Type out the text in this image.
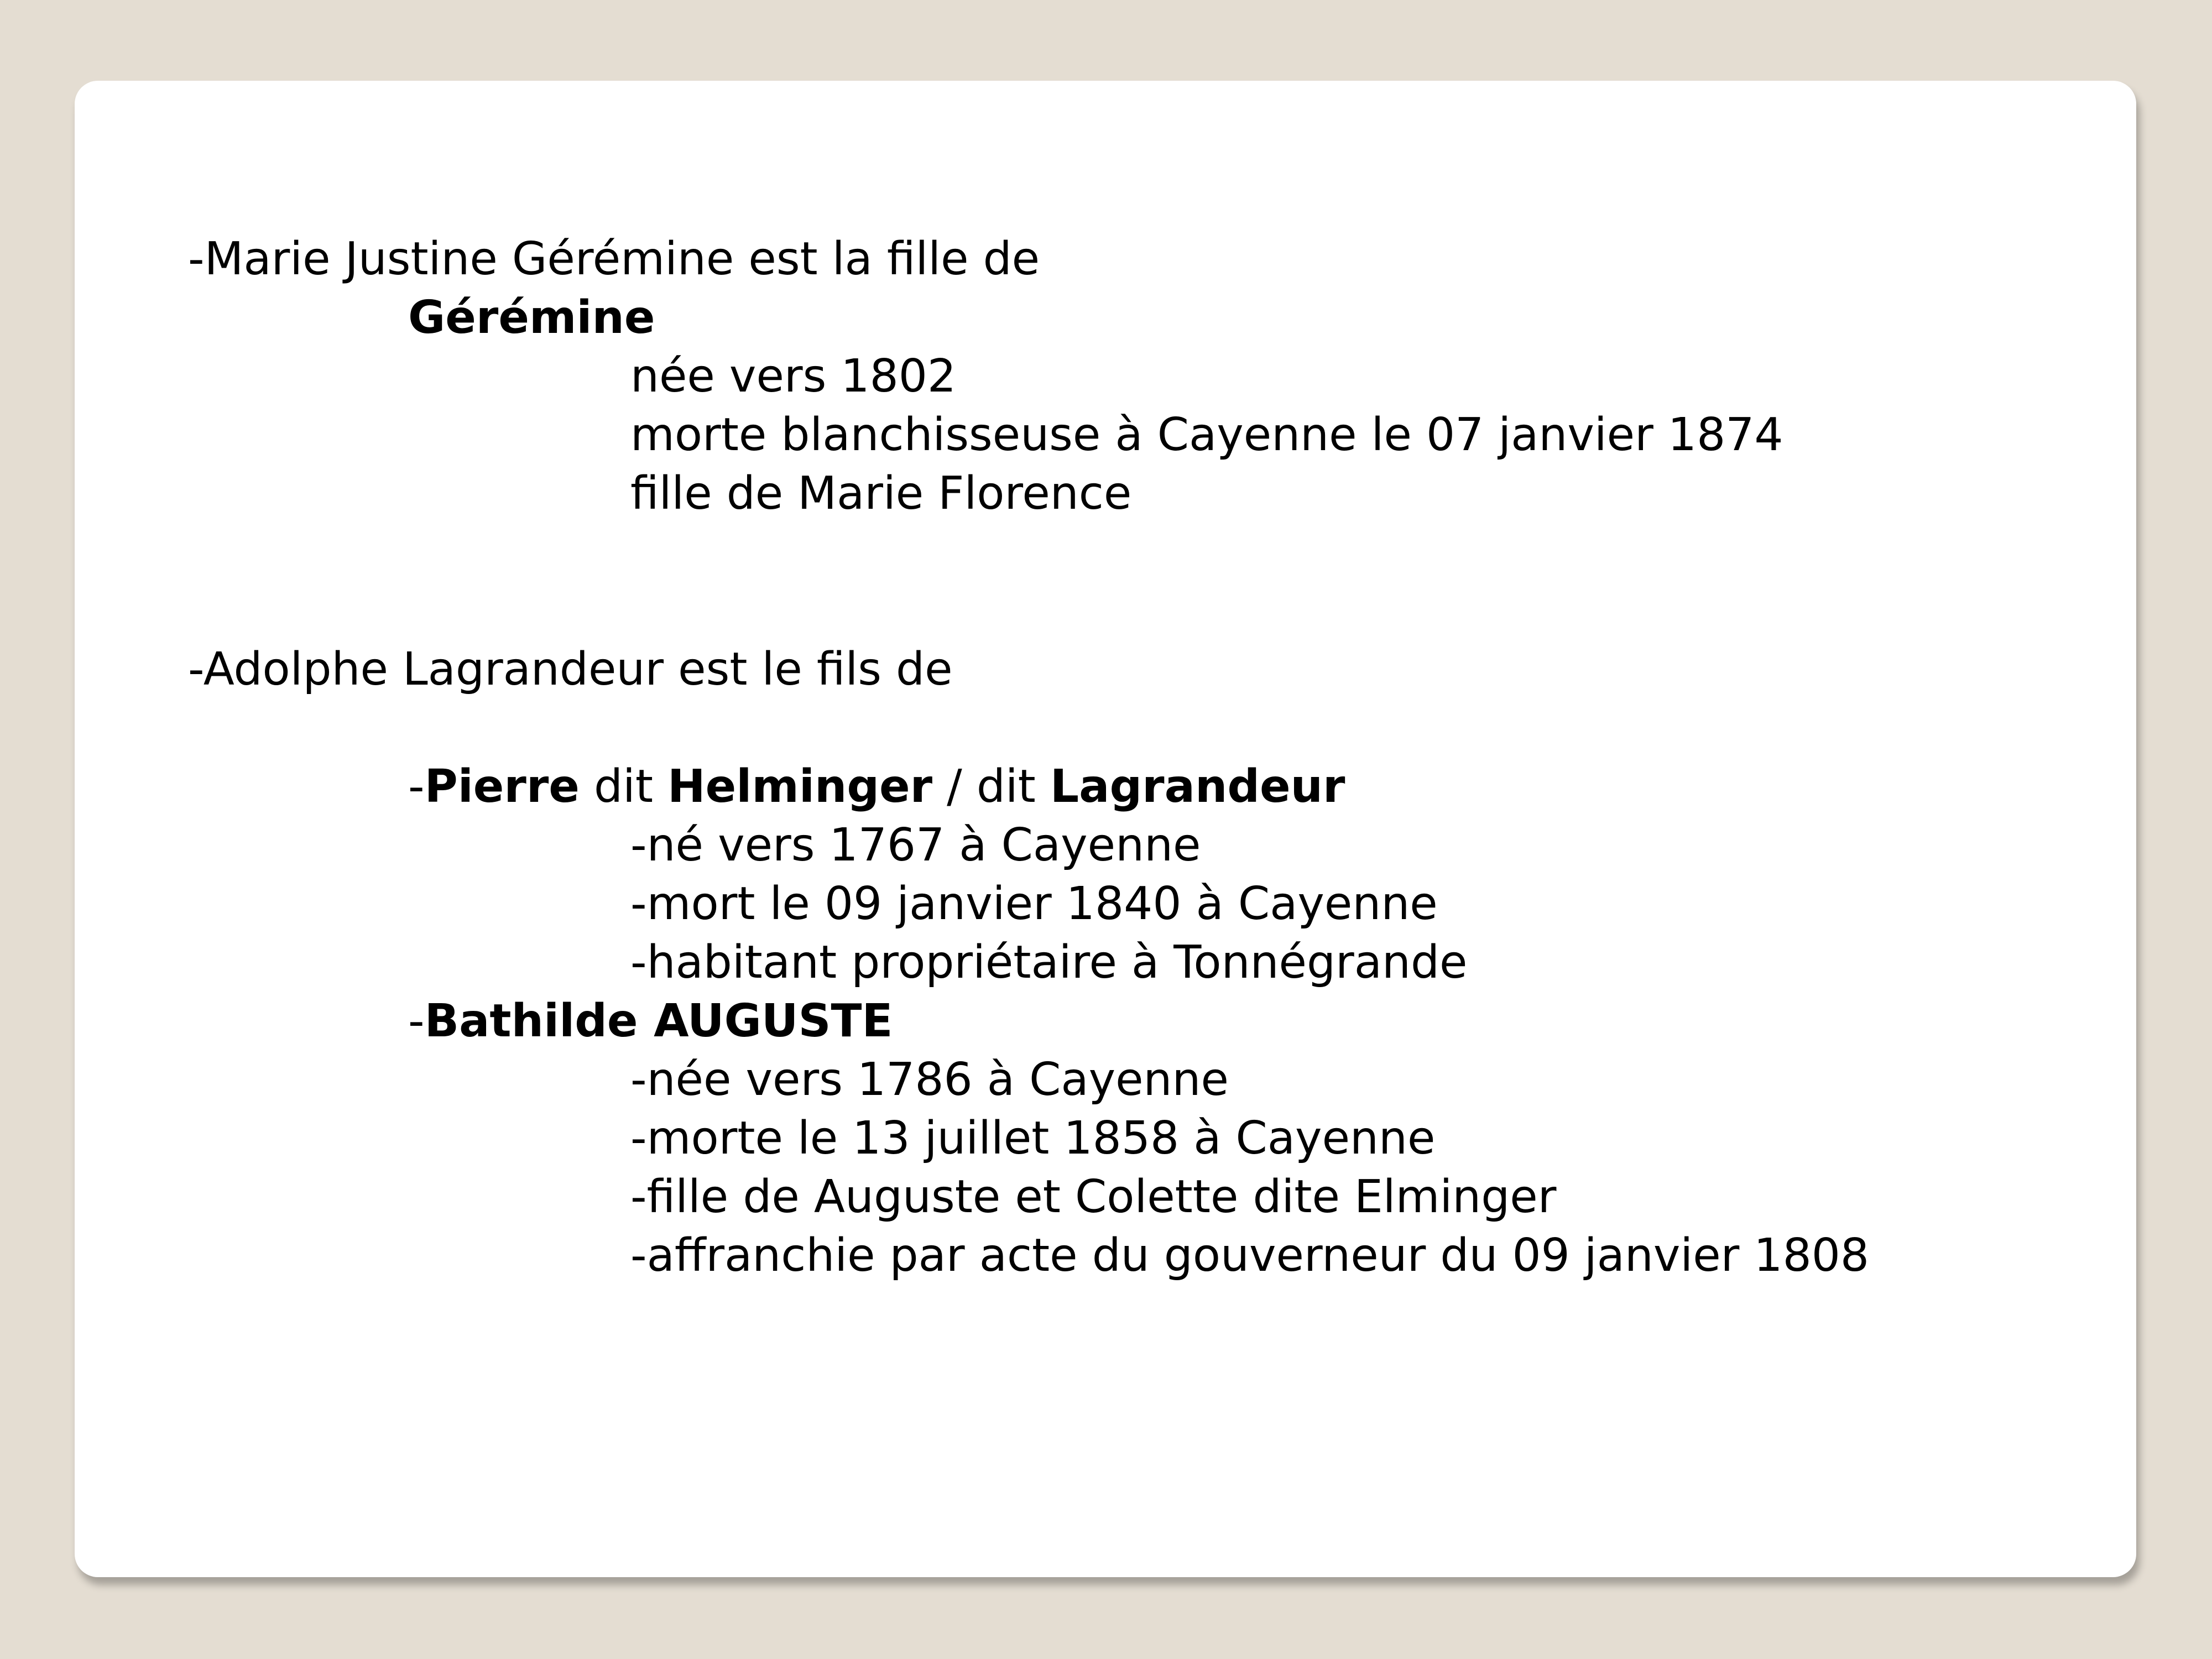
-Marie Justine Gérémine est la fille de
Gérémine
née vers 1802
morte blanchisseuse à Cayenne le 07 janvier 1874
fille de Marie Florence
-Adolphe Lagrandeur est le fils de
-Pierre dit Helminger / dit Lagrandeur
-né vers 1767 à Cayenne
-mort le 09 janvier 1840 à Cayenne
-habitant propriétaire à Tonnégrande
-Bathilde AUGUSTE
-née vers 1786 à Cayenne
-morte le 13 juillet 1858 à Cayenne
-fille de Auguste et Colette dite Elminger
-affranchie par acte du gouverneur du 09 janvier 1808
